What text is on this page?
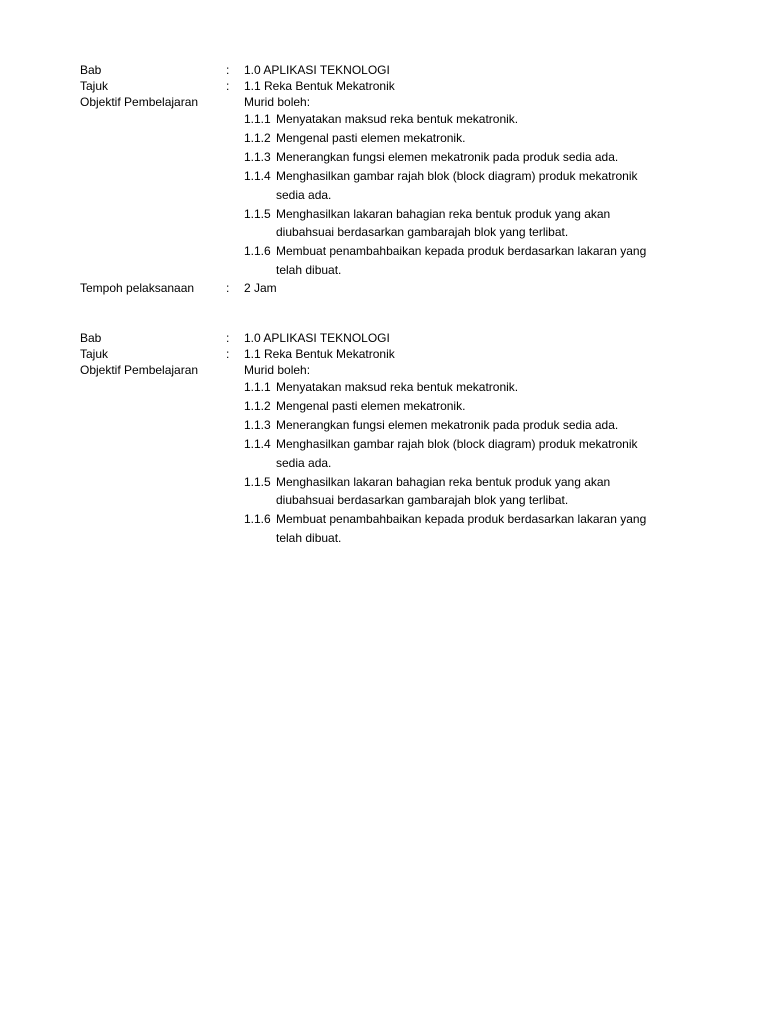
Bab	:	1.0 APLIKASI TEKNOLOGI
Tajuk	:	1.1 Reka Bentuk Mekatronik
Objektif Pembelajaran	Murid boleh:
1.1.1 Menyatakan maksud reka bentuk mekatronik.
1.1.2 Mengenal pasti elemen mekatronik.
1.1.3 Menerangkan fungsi elemen mekatronik pada produk sedia ada.
1.1.4 Menghasilkan gambar rajah blok (block diagram) produk mekatronik
sedia ada.
1.1.5 Menghasilkan lakaran bahagian reka bentuk produk yang akan
diubahsuai berdasarkan gambarajah blok yang terlibat.
1.1.6 Membuat penambahbaikan kepada produk berdasarkan lakaran yang
telah dibuat.
Tempoh pelaksanaan	:	2 Jam
Bab	:	1.0 APLIKASI TEKNOLOGI
Tajuk	:	1.1 Reka Bentuk Mekatronik
Objektif Pembelajaran	Murid boleh:
1.1.1 Menyatakan maksud reka bentuk mekatronik.
1.1.2 Mengenal pasti elemen mekatronik.
1.1.3 Menerangkan fungsi elemen mekatronik pada produk sedia ada.
1.1.4 Menghasilkan gambar rajah blok (block diagram) produk mekatronik
sedia ada.
1.1.5 Menghasilkan lakaran bahagian reka bentuk produk yang akan
diubahsuai berdasarkan gambarajah blok yang terlibat.
1.1.6 Membuat penambahbaikan kepada produk berdasarkan lakaran yang
telah dibuat.
